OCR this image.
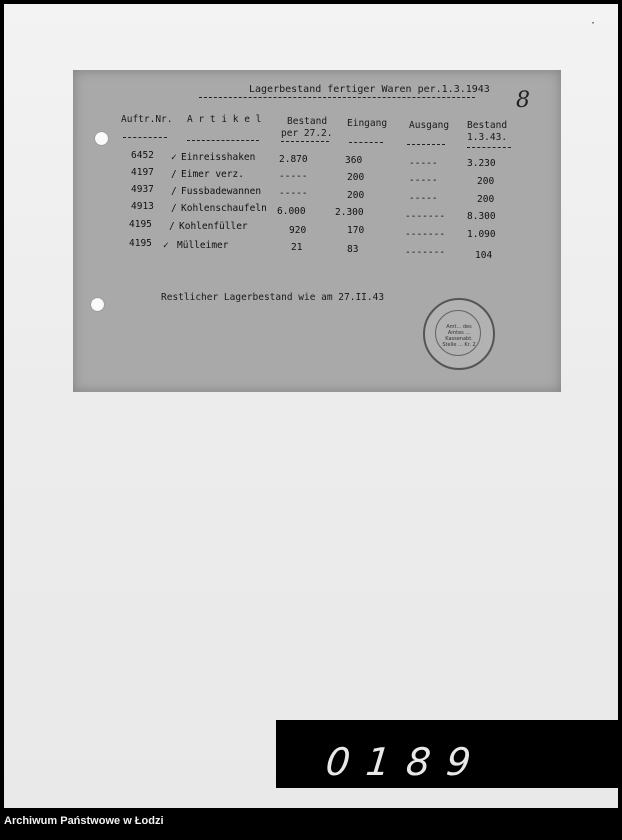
·
Lagerbestand fertiger Waren per.1.3.1943 8
Auftr.Nr. A r t i k e l	Bestand
per 27.2.
Eingang Ausgang Bestand
1.3.43.
6452 ✓ Einreisshaken 2.870	360	-----	3.230
4197 / Eimer verz.	-----	200	-----	200
4937 / Fussbadewannen -----	200	-----	200
4913 / Kohlenschaufeln 6.000	2.300	------- 8.300
4195 / Kohlenfüller	920	170	------- 1.090
4195 ✓ Mülleimer	21	83	-------	104
Restlicher Lagerbestand wie am 27.II.43
Amt... des Amtes ... Kassenabt. Stelle ... Kr. 2
0189
Archiwum Państwowe w Łodzi
